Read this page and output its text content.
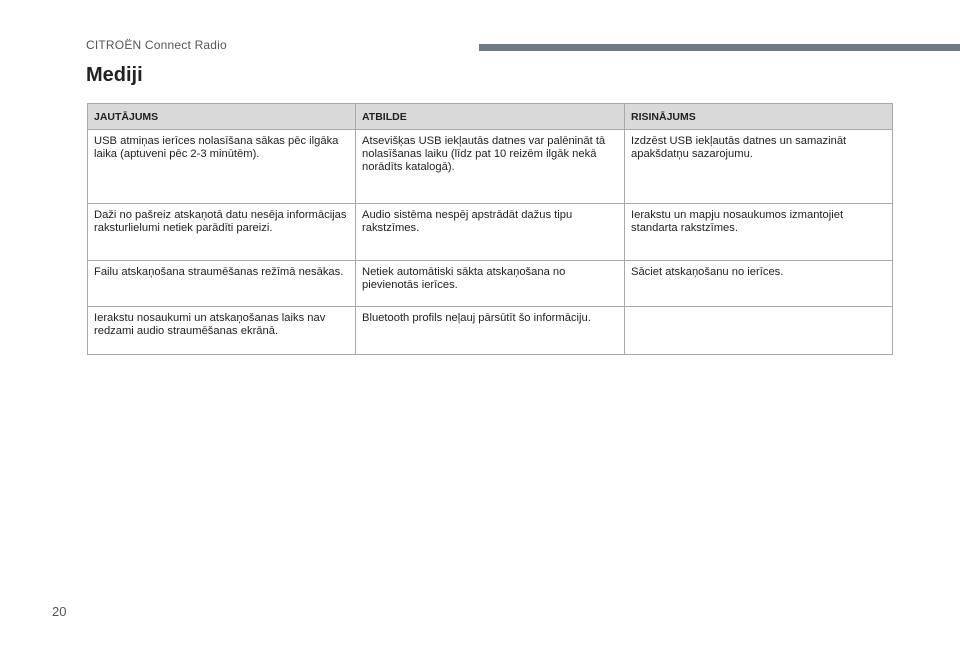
CITROËN Connect Radio
Mediji
JAUTĀJUMS	ATBILDE	RISINĀJUMS
USB atmiņas ierīces nolasīšana sākas pēc ilgāka laika (aptuveni pēc 2-3 minūtēm).	Atsevišķas USB iekļautās datnes var palēnināt tā nolasīšanas laiku (līdz pat 10 reizēm ilgāk nekā norādīts katalogā).	Izdzēst USB iekļautās datnes un samazināt apakšdatņu sazarojumu.
Daži no pašreiz atskaņotā datu nesēja informācijas raksturlielumi netiek parādīti pareizi.	Audio sistēma nespēj apstrādāt dažus tipu rakstzīmes.	Ierakstu un mapju nosaukumos izmantojiet standarta rakstzīmes.
Failu atskaņošana straumēšanas režīmā nesākas.	Netiek automātiski sākta atskaņošana no pievienotās ierīces.	Sāciet atskaņošanu no ierīces.
Ierakstu nosaukumi un atskaņošanas laiks nav redzami audio straumēšanas ekrānā.	Bluetooth profils neļauj pārsūtīt šo informāciju.	
20
